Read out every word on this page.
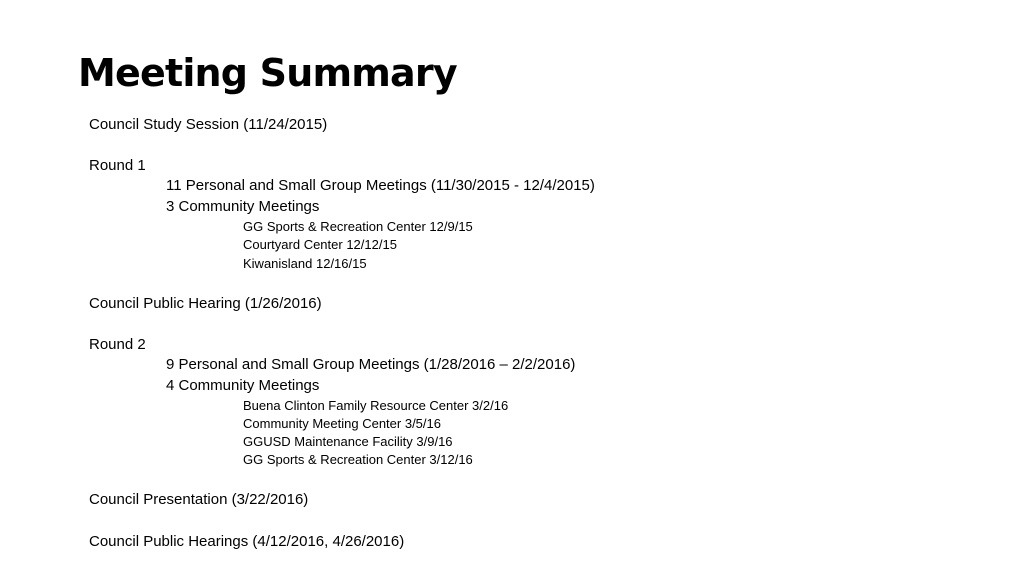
Meeting Summary
Council Study Session (11/24/2015)
Round 1
11 Personal and Small Group Meetings (11/30/2015 - 12/4/2015)
3 Community Meetings
GG Sports & Recreation Center 12/9/15
Courtyard Center 12/12/15
Kiwanisland 12/16/15
Council Public Hearing (1/26/2016)
Round 2
9 Personal and Small Group Meetings (1/28/2016 – 2/2/2016)
4 Community Meetings
Buena Clinton Family Resource Center 3/2/16
Community Meeting Center 3/5/16
GGUSD Maintenance Facility 3/9/16
GG Sports & Recreation Center 3/12/16
Council Presentation (3/22/2016)
Council Public Hearings (4/12/2016, 4/26/2016)
